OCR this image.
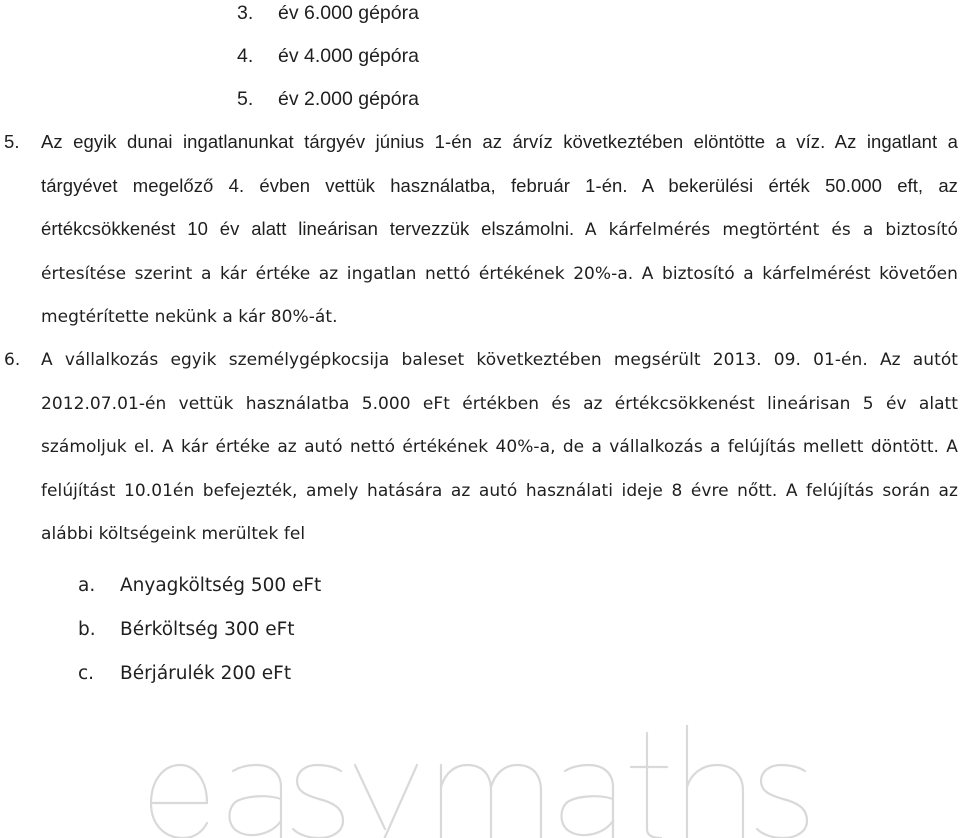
3. év 6.000 gépóra
4. év 4.000 gépóra
5. év 2.000 gépóra
5. Az egyik dunai ingatlanunkat tárgyév június 1-én az árvíz következtében elöntötte a víz. Az ingatlant a tárgyévet megelőző 4. évben vettük használatba, február 1-én. A bekerülési érték 50.000 eft, az értékcsökkenést 10 év alatt lineárisan tervezzük elszámolni. A kárfelmérés megtörtént és a biztosító értesítése szerint a kár értéke az ingatlan nettó értékének 20%-a. A biztosító a kárfelmérést követően megtérítette nekünk a kár 80%-át.
6. A vállalkozás egyik személygépkocsija baleset következtében megsérült 2013. 09. 01-én. Az autót 2012.07.01-én vettük használatba 5.000 eFt értékben és az értékcsökkenést lineárisan 5 év alatt számoljuk el. A kár értéke az autó nettó értékének 40%-a, de a vállalkozás a felújítás mellett döntött. A felújítást 10.01én befejezték, amely hatására az autó használati ideje 8 évre nőtt. A felújítás során az alábbi költségeink merültek fel
a. Anyagköltség 500 eFt
b. Bérköltség 300 eFt
c. Bérjárulék 200 eFt
